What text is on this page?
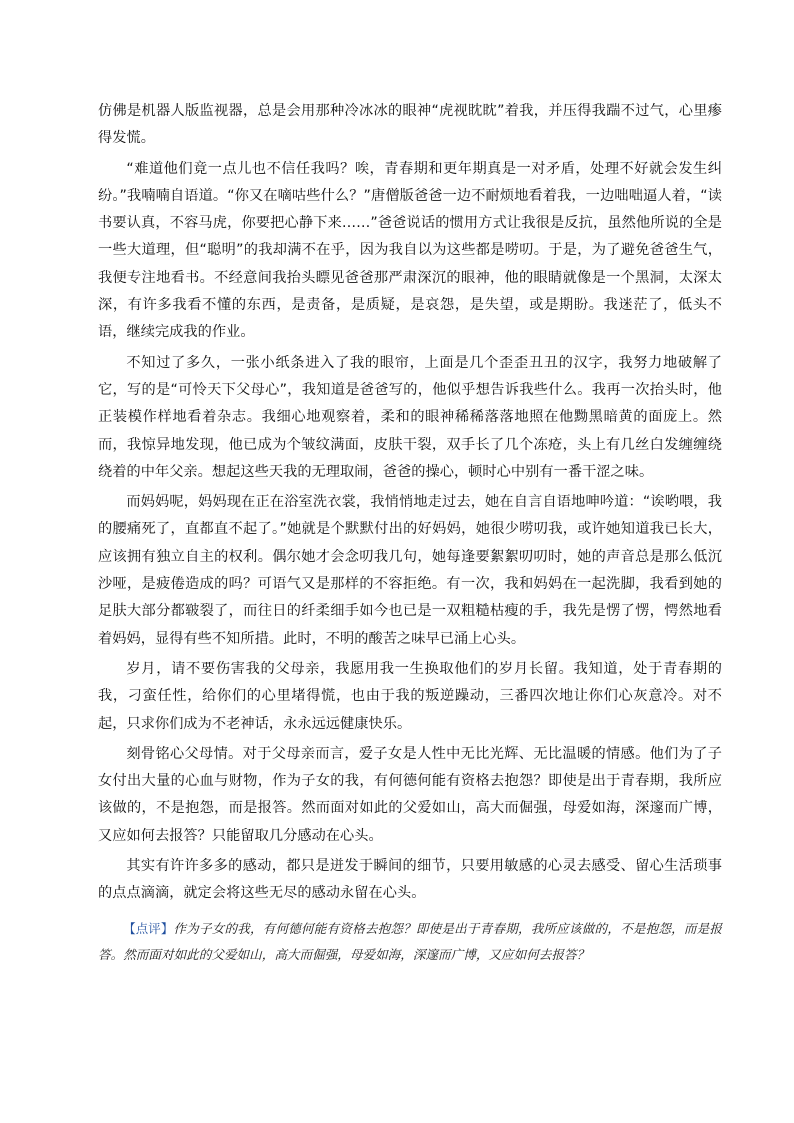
仿佛是机器人版监视器，总是会用那种冷冰冰的眼神“虎视眈眈”着我，并压得我踹不过气，心里瘆得发慌。

“难道他们竟一点儿也不信任我吗？唉，青春期和更年期真是一对矛盾，处理不好就会发生纠纷。”我喃喃自语道。“你又在嘀咕些什么？”唐僧版爸爸一边不耐烦地看着我，一边咄咄逼人着，“读书要认真，不容马虎，你要把心静下来……”爸爸说话的惯用方式让我很是反抗，虽然他所说的全是一些大道理，但“聪明”的我却满不在乎，因为我自以为这些都是唠叨。于是，为了避免爸爸生气，我便专注地看书。不经意间我抬头瞟见爸爸那严肃深沉的眼神，他的眼睛就像是一个黑洞，太深太深，有许多我看不懂的东西，是责备，是质疑，是哀怨，是失望，或是期盼。我迷茫了，低头不语，继续完成我的作业。

不知过了多久，一张小纸条进入了我的眼帘，上面是几个歪歪丑丑的汉字，我努力地破解了它，写的是“可怜天下父母心”，我知道是爸爸写的，他似乎想告诉我些什么。我再一次抬头时，他正装模作样地看着杂志。我细心地观察着，柔和的眼神稀稀落落地照在他黝黑暗黄的面庞上。然而，我惊异地发现，他已成为个皱纹满面，皮肤干裂，双手长了几个冻疮，头上有几丝白发缠缠绕绕着的中年父亲。想起这些天我的无理取闹，爸爸的操心，顿时心中别有一番干涩之味。

而妈妈呢，妈妈现在正在浴室洗衣裳，我悄悄地走过去，她在自言自语地呻吟道：“诶哟喂，我的腰痛死了，直都直不起了。”她就是个默默付出的好妈妈，她很少唠叨我，或许她知道我已长大，应该拥有独立自主的权利。偶尔她才会念叨我几句，她每逢要絮絮叨叨时，她的声音总是那么低沉沙哑，是疲倦造成的吗？可语气又是那样的不容拒绝。有一次，我和妈妈在一起洗脚，我看到她的足肤大部分都皲裂了，而往日的纤柔细手如今也已是一双粗糙枯瘦的手，我先是愣了愣，愕然地看着妈妈，显得有些不知所措。此时，不明的酸苦之味早已涌上心头。

岁月，请不要伤害我的父母亲，我愿用我一生换取他们的岁月长留。我知道，处于青春期的我，刁蛮任性，给你们的心里堵得慌，也由于我的叛逆躁动，三番四次地让你们心灰意冷。对不起，只求你们成为不老神话，永永远远健康快乐。

刻骨铭心父母情。对于父母亲而言，爱子女是人性中无比光辉、无比温暖的情感。他们为了子女付出大量的心血与财物，作为子女的我，有何德何能有资格去抱怨？即使是出于青春期，我所应该做的，不是抱怨，而是报答。然而面对如此的父爱如山，高大而倔强，母爱如海，深邃而广博，又应如何去报答？只能留取几分感动在心头。

其实有许许多多的感动，都只是迸发于瞬间的细节，只要用敏感的心灵去感受、留心生活琐事的点点滴滴，就定会将这些无尽的感动永留在心头。

【点评】作为子女的我，有何德何能有资格去抱怨？即使是出于青春期，我所应该做的，不是抱怨，而是报答。然而面对如此的父爱如山，高大而倔强，母爱如海，深邃而广博，又应如何去报答？
